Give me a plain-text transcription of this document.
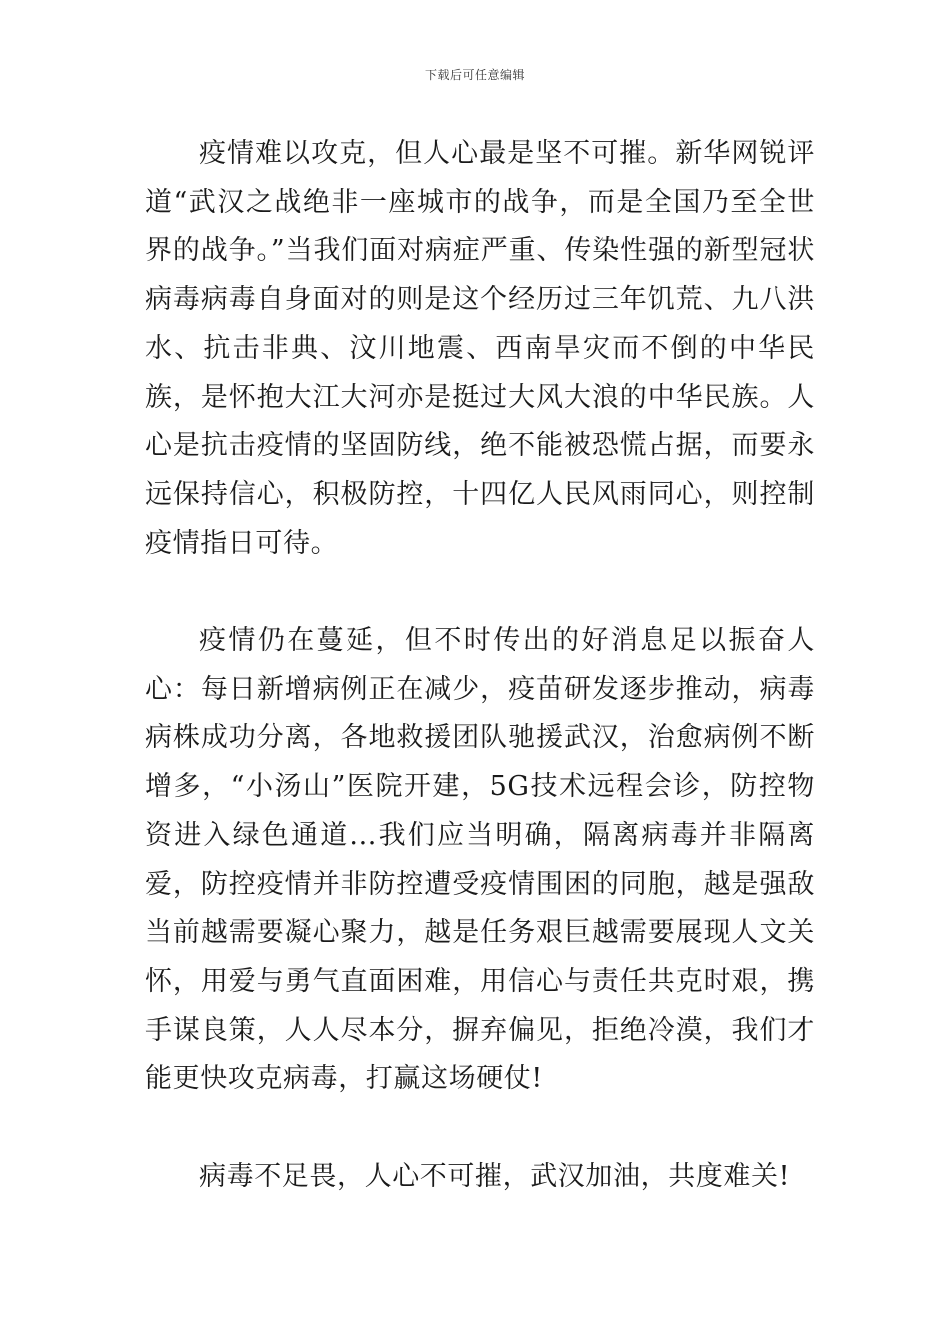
下载后可任意编辑

疫情难以攻克，但人心最是坚不可摧。新华网锐评道“武汉之战绝非一座城市的战争，而是全国乃至全世界的战争。”当我们面对病症严重、传染性强的新型冠状病毒病毒自身面对的则是这个经历过三年饥荒、九八洪水、抗击非典、汶川地震、西南旱灾而不倒的中华民族，是怀抱大江大河亦是挺过大风大浪的中华民族。人心是抗击疫情的坚固防线，绝不能被恐慌占据，而要永远保持信心，积极防控，十四亿人民风雨同心，则控制疫情指日可待。

疫情仍在蔓延，但不时传出的好消息足以振奋人心：每日新增病例正在减少，疫苗研发逐步推动，病毒病株成功分离，各地救援团队驰援武汉，治愈病例不断增多，“小汤山”医院开建，5G技术远程会诊，防控物资进入绿色通道...我们应当明确，隔离病毒并非隔离爱，防控疫情并非防控遭受疫情围困的同胞，越是强敌当前越需要凝心聚力，越是任务艰巨越需要展现人文关怀，用爱与勇气直面困难，用信心与责任共克时艰，携手谋良策，人人尽本分，摒弃偏见，拒绝冷漠，我们才能更快攻克病毒，打赢这场硬仗!

病毒不足畏，人心不可摧，武汉加油，共度难关!
